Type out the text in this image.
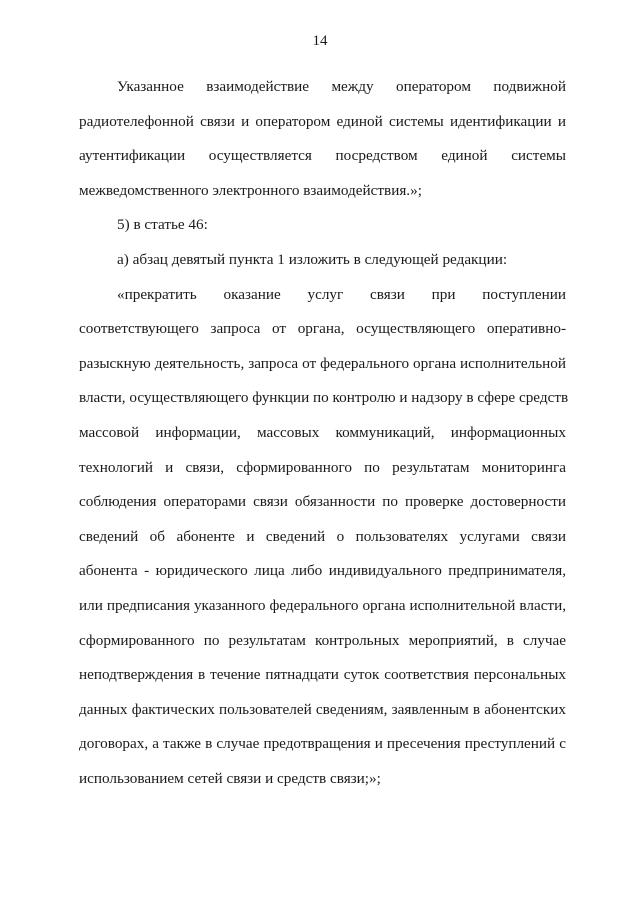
14

Указанное взаимодействие между оператором подвижной
радиотелефонной связи и оператором единой системы идентификации и
аутентификации осуществляется посредством единой системы
межведомственного электронного взаимодействия.»;

5) в статье 46:

а) абзац девятый пункта 1 изложить в следующей редакции:

«прекратить оказание услуг связи при поступлении
соответствующего запроса от органа, осуществляющего оперативно-
разыскную деятельность, запроса от федерального органа исполнительной
власти, осуществляющего функции по контролю и надзору в сфере средств
массовой информации, массовых коммуникаций, информационных
технологий и связи, сформированного по результатам мониторинга
соблюдения операторами связи обязанности по проверке достоверности
сведений об абоненте и сведений о пользователях услугами связи
абонента - юридического лица либо индивидуального предпринимателя,
или предписания указанного федерального органа исполнительной власти,
сформированного по результатам контрольных мероприятий, в случае
неподтверждения в течение пятнадцати суток соответствия персональных
данных фактических пользователей сведениям, заявленным в абонентских
договорах, а также в случае предотвращения и пресечения преступлений с
использованием сетей связи и средств связи;»;
